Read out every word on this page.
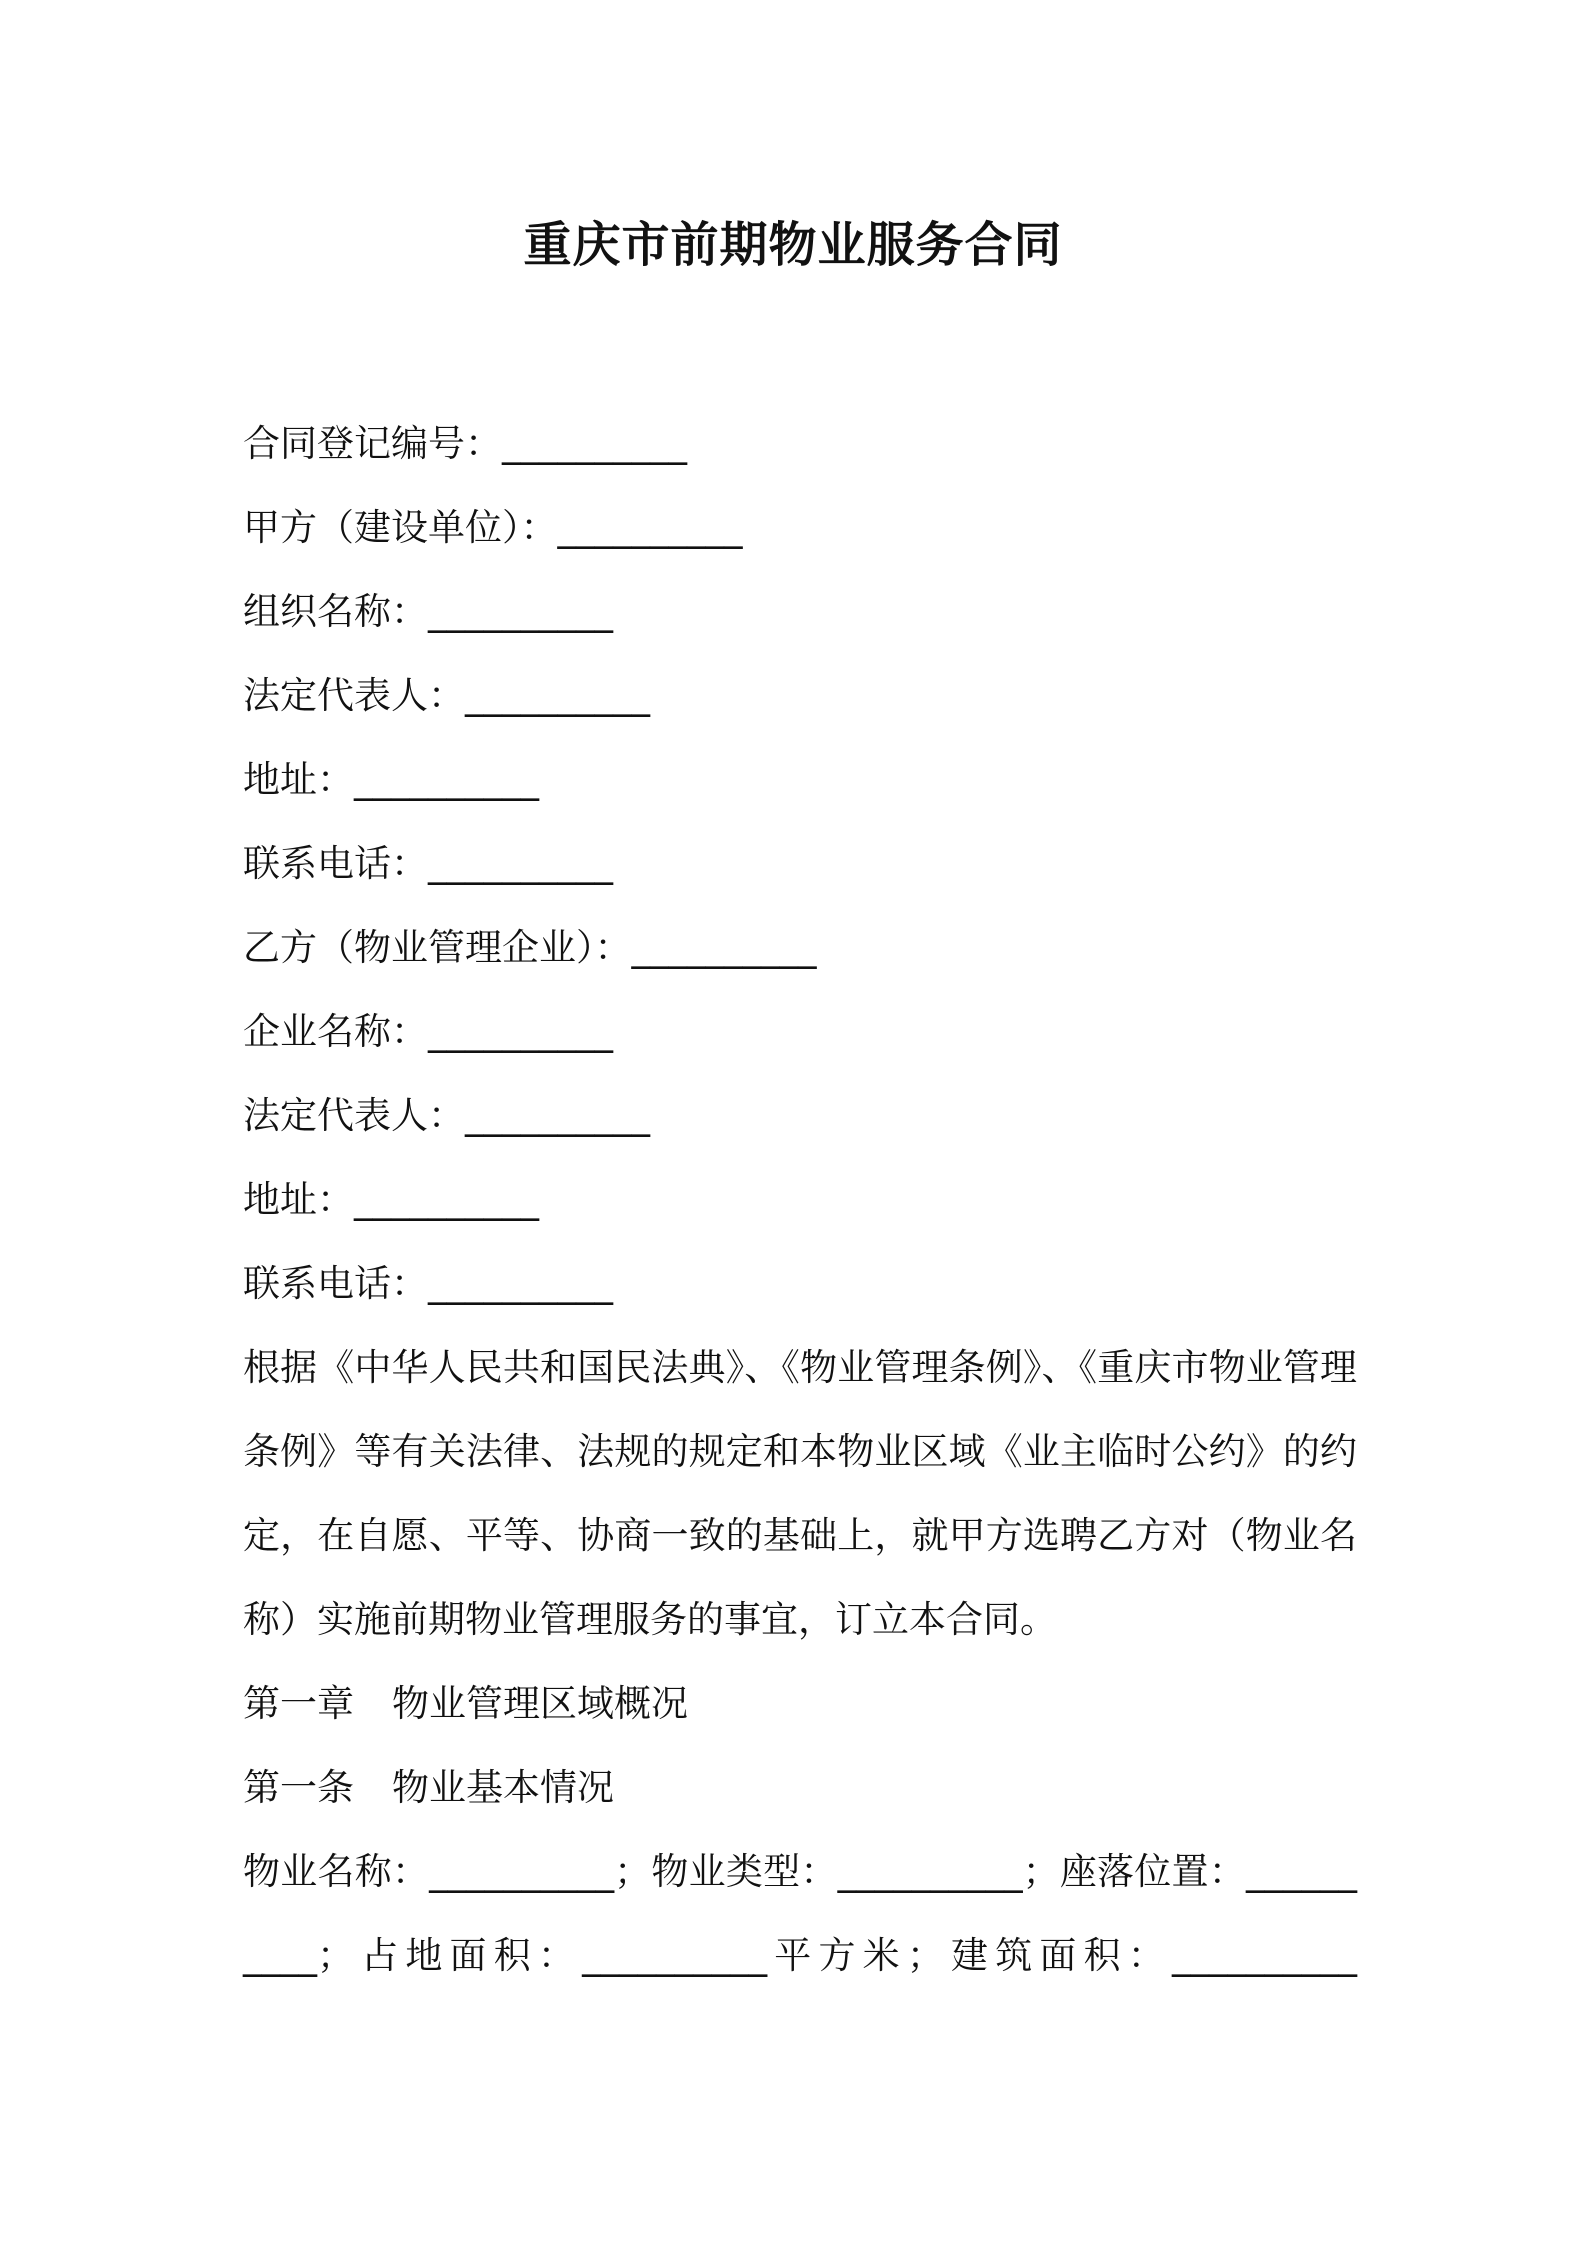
重庆市前期物业服务合同

合同登记编号：__________

甲方（建设单位）：__________

组织名称：__________

法定代表人：__________

地址：__________

联系电话：__________

乙方（物业管理企业）：__________

企业名称：__________

法定代表人：__________

地址：__________

联系电话：__________

根据《中华人民共和国民法典》、《物业管理条例》、《重庆市物业管理条例》等有关法律、法规的规定和本物业区域《业主临时公约》的约定，在自愿、平等、协商一致的基础上，就甲方选聘乙方对（物业名称）实施前期物业管理服务的事宜，订立本合同。

第一章 物业管理区域概况

第一条 物业基本情况

物业名称：__________；物业类型：__________；座落位置：__________；占地面积：__________平方米；建筑面积：__________
